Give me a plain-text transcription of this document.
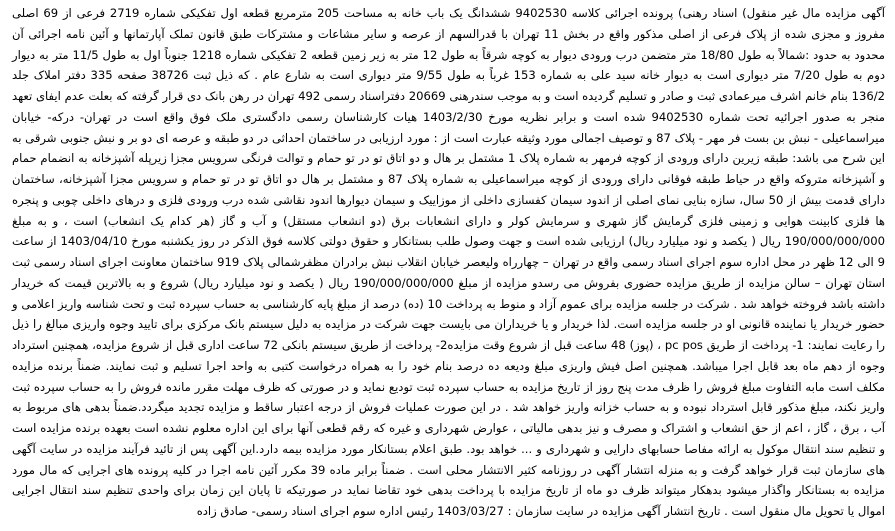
آگهی مزایده مال غیر منقول) اسناد رهنی) پرونده اجرائی کلاسه 9402530 ششدانگ یک باب خانه به مساحت 205 مترمربع قطعه اول تفکیکی شماره 2719 فرعی از 69 اصلی مفروز و مجزی شده از پلاک فرعی از اصلی مذکور واقع در بخش 11 تهران با قدرالسهم از عرصه و سایر مشاعات و مشترکات طبق قانون تملک آپارتمانها و آئین نامه اجرائی آن محدود به حدود :شمالاً به طول 18/80 متر متضمن درب ورودی دیوار به کوچه شرقاً به طول 12 متر به زیر زمین قطعه 2 تفکیکی شماره 1218 جنوباً اول به طول 11/5 متر به دیوار دوم به طول 7/20 متر دیواری است به دیوار خانه سید علی به شماره 153 غرباً به طول 9/55 متر دیواری است به شارع عام . که ذیل ثبت 38726 صفحه 335 دفتر املاک جلد 136/2 بنام خانم اشرف میرعمادی ثبت و صادر و تسلیم گردیده است و به موجب سندرهنی 20669 دفتراسناد رسمی 492 تهران در رهن بانک دی قرار گرفته که بعلت عدم ایفای تعهد منجر به صدور اجرائیه تحت شماره 9402530 شده است و برابر نظریه مورخ 1403/2/30 هیات کارشناسان رسمی دادگستری ملک فوق واقع است در تهران- درکه- خیابان میراسماعیلی - نبش بن بست فر مهر - پلاک 87 و توصیف اجمالی مورد وثیقه عبارت است از : مورد ارزیابی در ساختمان احداثی در دو طبقه و عرصه ای دو بر و نبش جنوبی شرقی به این شرح می باشد: طبقه زیرین دارای ورودی از کوچه فرمهر به شماره پلاک 1 مشتمل بر هال و دو اتاق تو در تو حمام و توالت فرنگی سرویس مجزا زیرپله آشپزخانه به انضمام حمام و آشپزخانه متروکه واقع در حیاط طبقه فوقانی دارای ورودی از کوچه میراسماعیلی به شماره پلاک 87 و مشتمل بر هال دو اتاق تو در تو حمام و سرویس مجزا آشپزخانه، ساختمان دارای قدمت بیش از 50 سال، سازه بنایی نمای اصلی از اندود سیمان کفسازی داخلی از موزاییک و سیمان دیوارها اندود نقاشی شده درب ورودی فلزی و درهای داخلی چوبی و پنجره ها فلزی کابینت هوایی و زمینی فلزی گرمایش گاز شهری و سرمایش کولر و دارای انشعابات برق (دو انشعاب مستقل) و آب و گاز (هر کدام یک انشعاب) است ، و به مبلغ 190/000/000/000 ریال ( یکصد و نود میلیارد ریال) ارزیابی شده است و جهت وصول طلب بستانکار و حقوق دولتی کلاسه فوق الذکر در روز یکشنبه مورخ 1403/04/10 از ساعت 9 الی 12 ظهر در محل اداره سوم اجرای اسناد رسمی واقع در تهران – چهارراه ولیعصر خیابان انقلاب نبش برادران مظفرشمالی پلاک 919 ساختمان معاونت اجرای اسناد رسمی ثبت استان تهران – سالن مزایده از طریق مزایده حضوری بفروش می رسدو مزایده از مبلغ 190/000/000/000 ریال ( یکصد و نود میلیارد ریال) شروع و به بالاترین قیمت که خریدار داشته باشد فروخته خواهد شد . شرکت در جلسه مزایده برای عموم آزاد و منوط به پرداخت 10 (ده) درصد از مبلغ پایه کارشناسی به حساب سپرده ثبت و تحت شناسه واریز اعلامی و حضور خریدار یا نماینده قانونی او در جلسه مزایده است. لذا خریدار و یا خریداران می بایست جهت شرکت در مزایده به دلیل سیستم بانک مرکزی برای تایید وجوه واریزی مبالغ را ذیل را رعایت نمایند: 1- پرداخت از طریق pc pos ، (پوز) 48 ساعت قبل از شروع وقت مزایده2- پرداخت از طریق سیستم بانکی 72 ساعت اداری قبل از شروع مزایده، همچنین استرداد وجوه از دهم ماه بعد قابل اجرا میباشد. همچنین اصل فیش واریزی مبلغ ودیعه ده درصد بنام خود را به همراه درخواست کتبی به واحد اجرا تسلیم و ثبت نمایند. ضمناً برنده مزایده مکلف است مابه التفاوت مبلغ فروش را ظرف مدت پنج روز از تاریخ مزایده به حساب سپرده ثبت تودیع نماید و در صورتی که ظرف مهلت مقرر مانده فروش را به حساب سپرده ثبت واریز نکند، مبلغ مذکور قابل استرداد نبوده و به حساب خزانه واریز خواهد شد . در این صورت عملیات فروش از درجه اعتبار ساقط و مزایده تجدید میگردد.ضمناً بدهی های مربوط به آب ، برق ، گاز ، اعم از حق انشعاب و اشتراک و مصرف و نیز بدهی مالیاتی ، عوارض شهرداری و غیره که رقم قطعی آنها برای این اداره معلوم نشده است بعهده برنده مزایده است و تنظیم سند انتقال موکول به ارائه مفاصا حسابهای دارایی و شهرداری و ... خواهد بود. طبق اعلام بستانکار مورد مزایده بیمه دارد.این آگهی پس از تائید فرآیند مزایده در سایت آگهی های سازمان ثبت قرار خواهد گرفت و به منزله انتشار آگهی در روزنامه کثیر الانتشار محلی است . ضمناً برابر ماده 39 مکرر آئین نامه اجرا در کلیه پرونده های اجرایی که مال مورد مزایده به بستانکار واگذار میشود بدهکار میتواند ظرف دو ماه از تاریخ مزایده با پرداخت بدهی خود تقاضا نماید در صورتیکه تا پایان این زمان برای واحدی تنظیم سند انتقال اجرایی اموال یا تحویل مال منقول است . تاریخ انتشار آگهی مزایده در سایت سازمان : 1403/03/27 رئیس اداره سوم اجرای اسناد رسمی- صادق زاده
